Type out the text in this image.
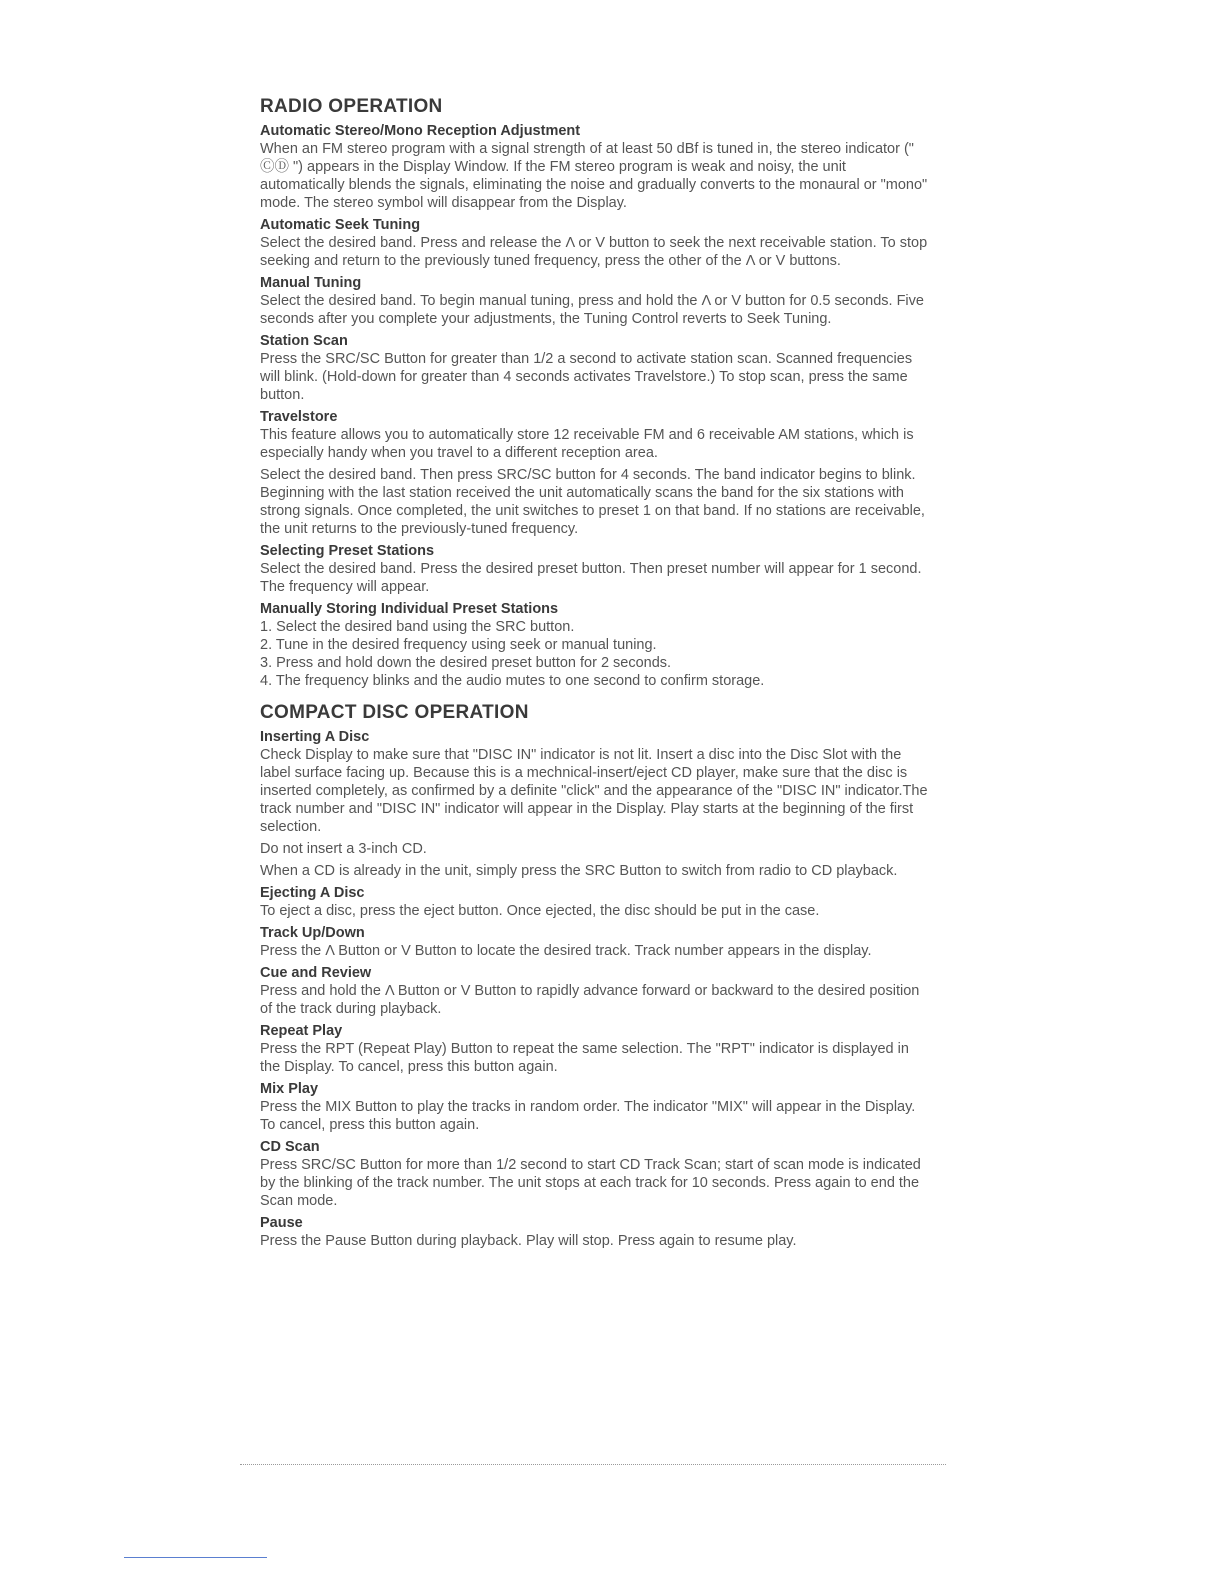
RADIO OPERATION
Automatic Stereo/Mono Reception Adjustment

When an FM stereo program with a signal strength of at least 50 dBf is tuned in, the stereo indicator (" ⒸⒹ ") appears in the Display Window. If the FM stereo program is weak and noisy, the unit automatically blends the signals, eliminating the noise and gradually converts to the monaural or "mono" mode. The stereo symbol will disappear from the Display.

Automatic Seek Tuning

Select the desired band. Press and release the Λ or V button to seek the next receivable station. To stop seeking and return to the previously tuned frequency, press the other of the Λ or V buttons.

Manual Tuning

Select the desired band. To begin manual tuning, press and hold the Λ or V button for 0.5 seconds. Five seconds after you complete your adjustments, the Tuning Control reverts to Seek Tuning.

Station Scan

Press the SRC/SC Button for greater than 1/2 a second to activate station scan. Scanned frequencies will blink. (Hold-down for greater than 4 seconds activates Travelstore.) To stop scan, press the same button.

Travelstore

This feature allows you to automatically store 12 receivable FM and 6 receivable AM stations, which is especially handy when you travel to a different reception area.

Select the desired band. Then press SRC/SC button for 4 seconds. The band indicator begins to blink. Beginning with the last station received the unit automatically scans the band for the six stations with strong signals. Once completed, the unit switches to preset 1 on that band. If no stations are receivable, the unit returns to the previously-tuned frequency.

Selecting Preset Stations

Select the desired band. Press the desired preset button. Then preset number will appear for 1 second. The frequency will appear.

Manually Storing Individual Preset Stations

1. Select the desired band using the SRC button.

2. Tune in the desired frequency using seek or manual tuning.

3. Press and hold down the desired preset button for 2 seconds.

4. The frequency blinks and the audio mutes to one second to confirm storage.

COMPACT DISC OPERATION
Inserting A Disc

Check Display to make sure that "DISC IN" indicator is not lit. Insert a disc into the Disc Slot with the label surface facing up. Because this is a mechnical-insert/eject CD player, make sure that the disc is inserted completely, as confirmed by a definite "click" and the appearance of the "DISC IN" indicator.The track number and "DISC IN" indicator will appear in the Display. Play starts at the beginning of the first selection.

Do not insert a 3-inch CD.

When a CD is already in the unit, simply press the SRC Button to switch from radio to CD playback.

Ejecting A Disc

To eject a disc, press the eject button. Once ejected, the disc should be put in the case.

Track Up/Down

Press the Λ Button or V Button to locate the desired track. Track number appears in the display.

Cue and Review

Press and hold the Λ Button or V Button to rapidly advance forward or backward to the desired position of the track during playback.

Repeat Play

Press the RPT (Repeat Play) Button to repeat the same selection. The "RPT" indicator is displayed in the Display. To cancel, press this button again.

Mix Play

Press the MIX Button to play the tracks in random order. The indicator "MIX" will appear in the Display. To cancel, press this button again.

CD Scan

Press SRC/SC Button for more than 1/2 second to start CD Track Scan; start of scan mode is indicated by the blinking of the track number. The unit stops at each track for 10 seconds. Press again to end the Scan mode.

Pause

Press the Pause Button during playback. Play will stop. Press again to resume play.
